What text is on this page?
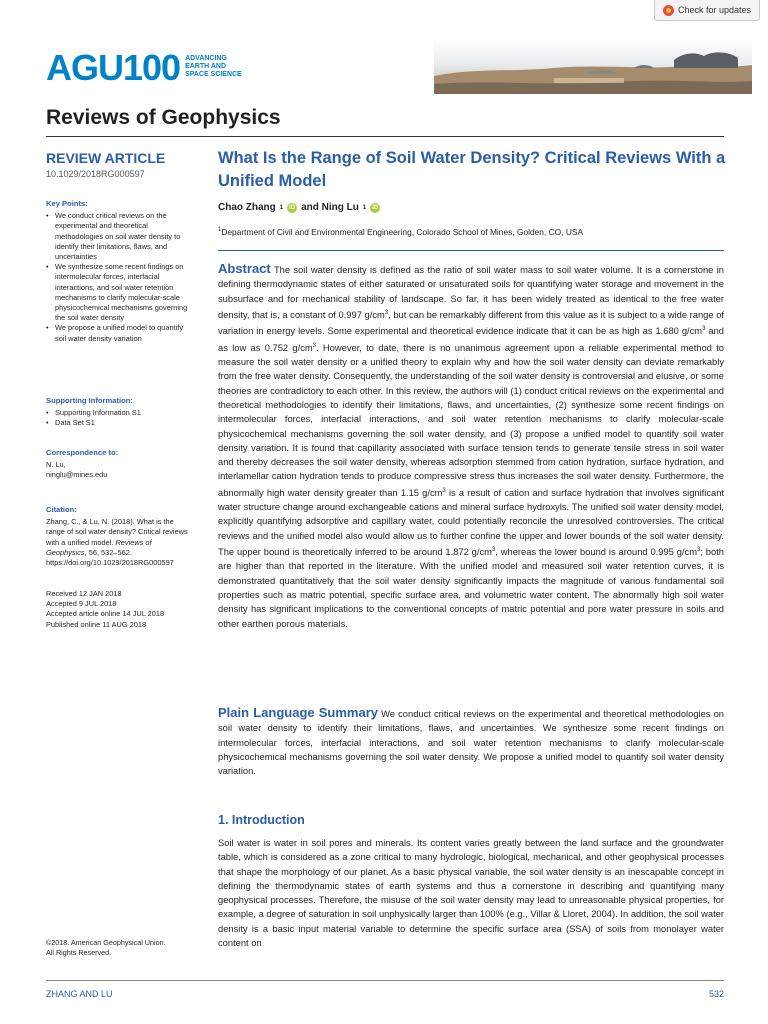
Check for updates
AGU100 ADVANCING
EARTH AND
SPACE SCIENCE
Reviews of Geophysics
REVIEW ARTICLE
10.1029/2018RG000597
Key Points:
• We conduct critical reviews on the experimental and theoretical methodologies on soil water density to identify their limitations, flaws, and uncertainties
• We synthesize some recent findings on intermolecular forces, interfacial interactions, and soil water retention mechanisms to clarify molecular-scale physicochemical mechanisms governing the soil water density
• We propose a unified model to quantify soil water density variation
Supporting Information:
• Supporting Information S1
• Data Set S1
Correspondence to:
N. Lu,
ninglu@mines.edu
Citation:
Zhang, C., & Lu, N. (2018). What is the range of soil water density? Critical reviews with a unified model. Reviews of Geophysics, 56, 532–562. https://doi.org/10.1029/2018RG000597
Received 12 JAN 2018
Accepted 9 JUL 2018
Accepted article online 14 JUL 2018
Published online 11 AUG 2018
©2018. American Geophysical Union.
All Rights Reserved.
What Is the Range of Soil Water Density? Critical Reviews With a Unified Model
Chao Zhang 1	iD and Ning Lu 1	iD
$^1$Department of Civil and Environmental Engineering, Colorado School of Mines, Golden, CO, USA
Abstract The soil water density is defined as the ratio of soil water mass to soil water volume. It is a cornerstone in defining thermodynamic states of either saturated or unsaturated soils for quantifying water storage and movement in the subsurface and for mechanical stability of landscape. So far, it has been widely treated as identical to the free water density, that is, a constant of 0.997 $g/cm^3$, but can be remarkably different from this value as it is subject to a wide range of variation in energy levels. Some experimental and theoretical evidence indicate that it can be as high as 1.680 $g/cm^3$ and as low as 0.752 $g/cm^3$. However, to date, there is no unanimous agreement upon a reliable experimental method to measure the soil water density or a unified theory to explain why and how the soil water density can deviate remarkably from the free water density. Consequently, the understanding of the soil water density is controversial and elusive, or some theories are contradictory to each other. In this review, the authors will (1) conduct critical reviews on the experimental and theoretical methodologies to identify their limitations, flaws, and uncertainties, (2) synthesize some recent findings on intermolecular forces, interfacial interactions, and soil water retention mechanisms to clarify molecular-scale physicochemical mechanisms governing the soil water density, and (3) propose a unified model to quantify soil water density variation. It is found that capillarity associated with surface tension tends to generate tensile stress in soil water and thereby decreases the soil water density, whereas adsorption stemmed from cation hydration, surface hydration, and interlamellar cation hydration tends to produce compressive stress thus increases the soil water density. Furthermore, the abnormally high water density greater than 1.15 $g/cm^3$ is a result of cation and surface hydration that involves significant water structure change around exchangeable cations and mineral surface hydroxyls. The unified soil water density model, explicitly quantifying adsorptive and capillary water, could potentially reconcile the unresolved controversies. The critical reviews and the unified model also would allow us to further confine the upper and lower bounds of the soil water density. The upper bound is theoretically inferred to be around 1.872 $g/cm^3$, whereas the lower bound is around 0.995 $g/cm^3$; both are higher than that reported in the literature. With the unified model and measured soil water retention curves, it is demonstrated quantitatively that the soil water density significantly impacts the magnitude of various fundamental soil properties such as matric potential, specific surface area, and volumetric water content. The abnormally high soil water density has significant implications to the conventional concepts of matric potential and pore water pressure in soils and other earthen porous materials.
Plain Language Summary We conduct critical reviews on the experimental and theoretical methodologies on soil water density to identify their limitations, flaws, and uncertainties. We synthesize some recent findings on intermolecular forces, interfacial interactions, and soil water retention mechanisms to clarify molecular-scale physicochemical mechanisms governing the soil water density. We propose a unified model to quantify soil water density variation.
1. Introduction
Soil water is water in soil pores and minerals. Its content varies greatly between the land surface and the groundwater table, which is considered as a zone critical to many hydrologic, biological, mechanical, and other geophysical processes that shape the morphology of our planet. As a basic physical variable, the soil water density is an inescapable concept in defining the thermodynamic states of earth systems and thus a cornerstone in describing and quantifying many geophysical processes. Therefore, the misuse of the soil water density may lead to unreasonable physical properties, for example, a degree of saturation in soil unphysically larger than 100% (e.g., Villar & Lloret, 2004). In addition, the soil water density is a basic input material variable to determine the specific surface area (SSA) of soils from monolayer water content on
ZHANG AND LU	532
